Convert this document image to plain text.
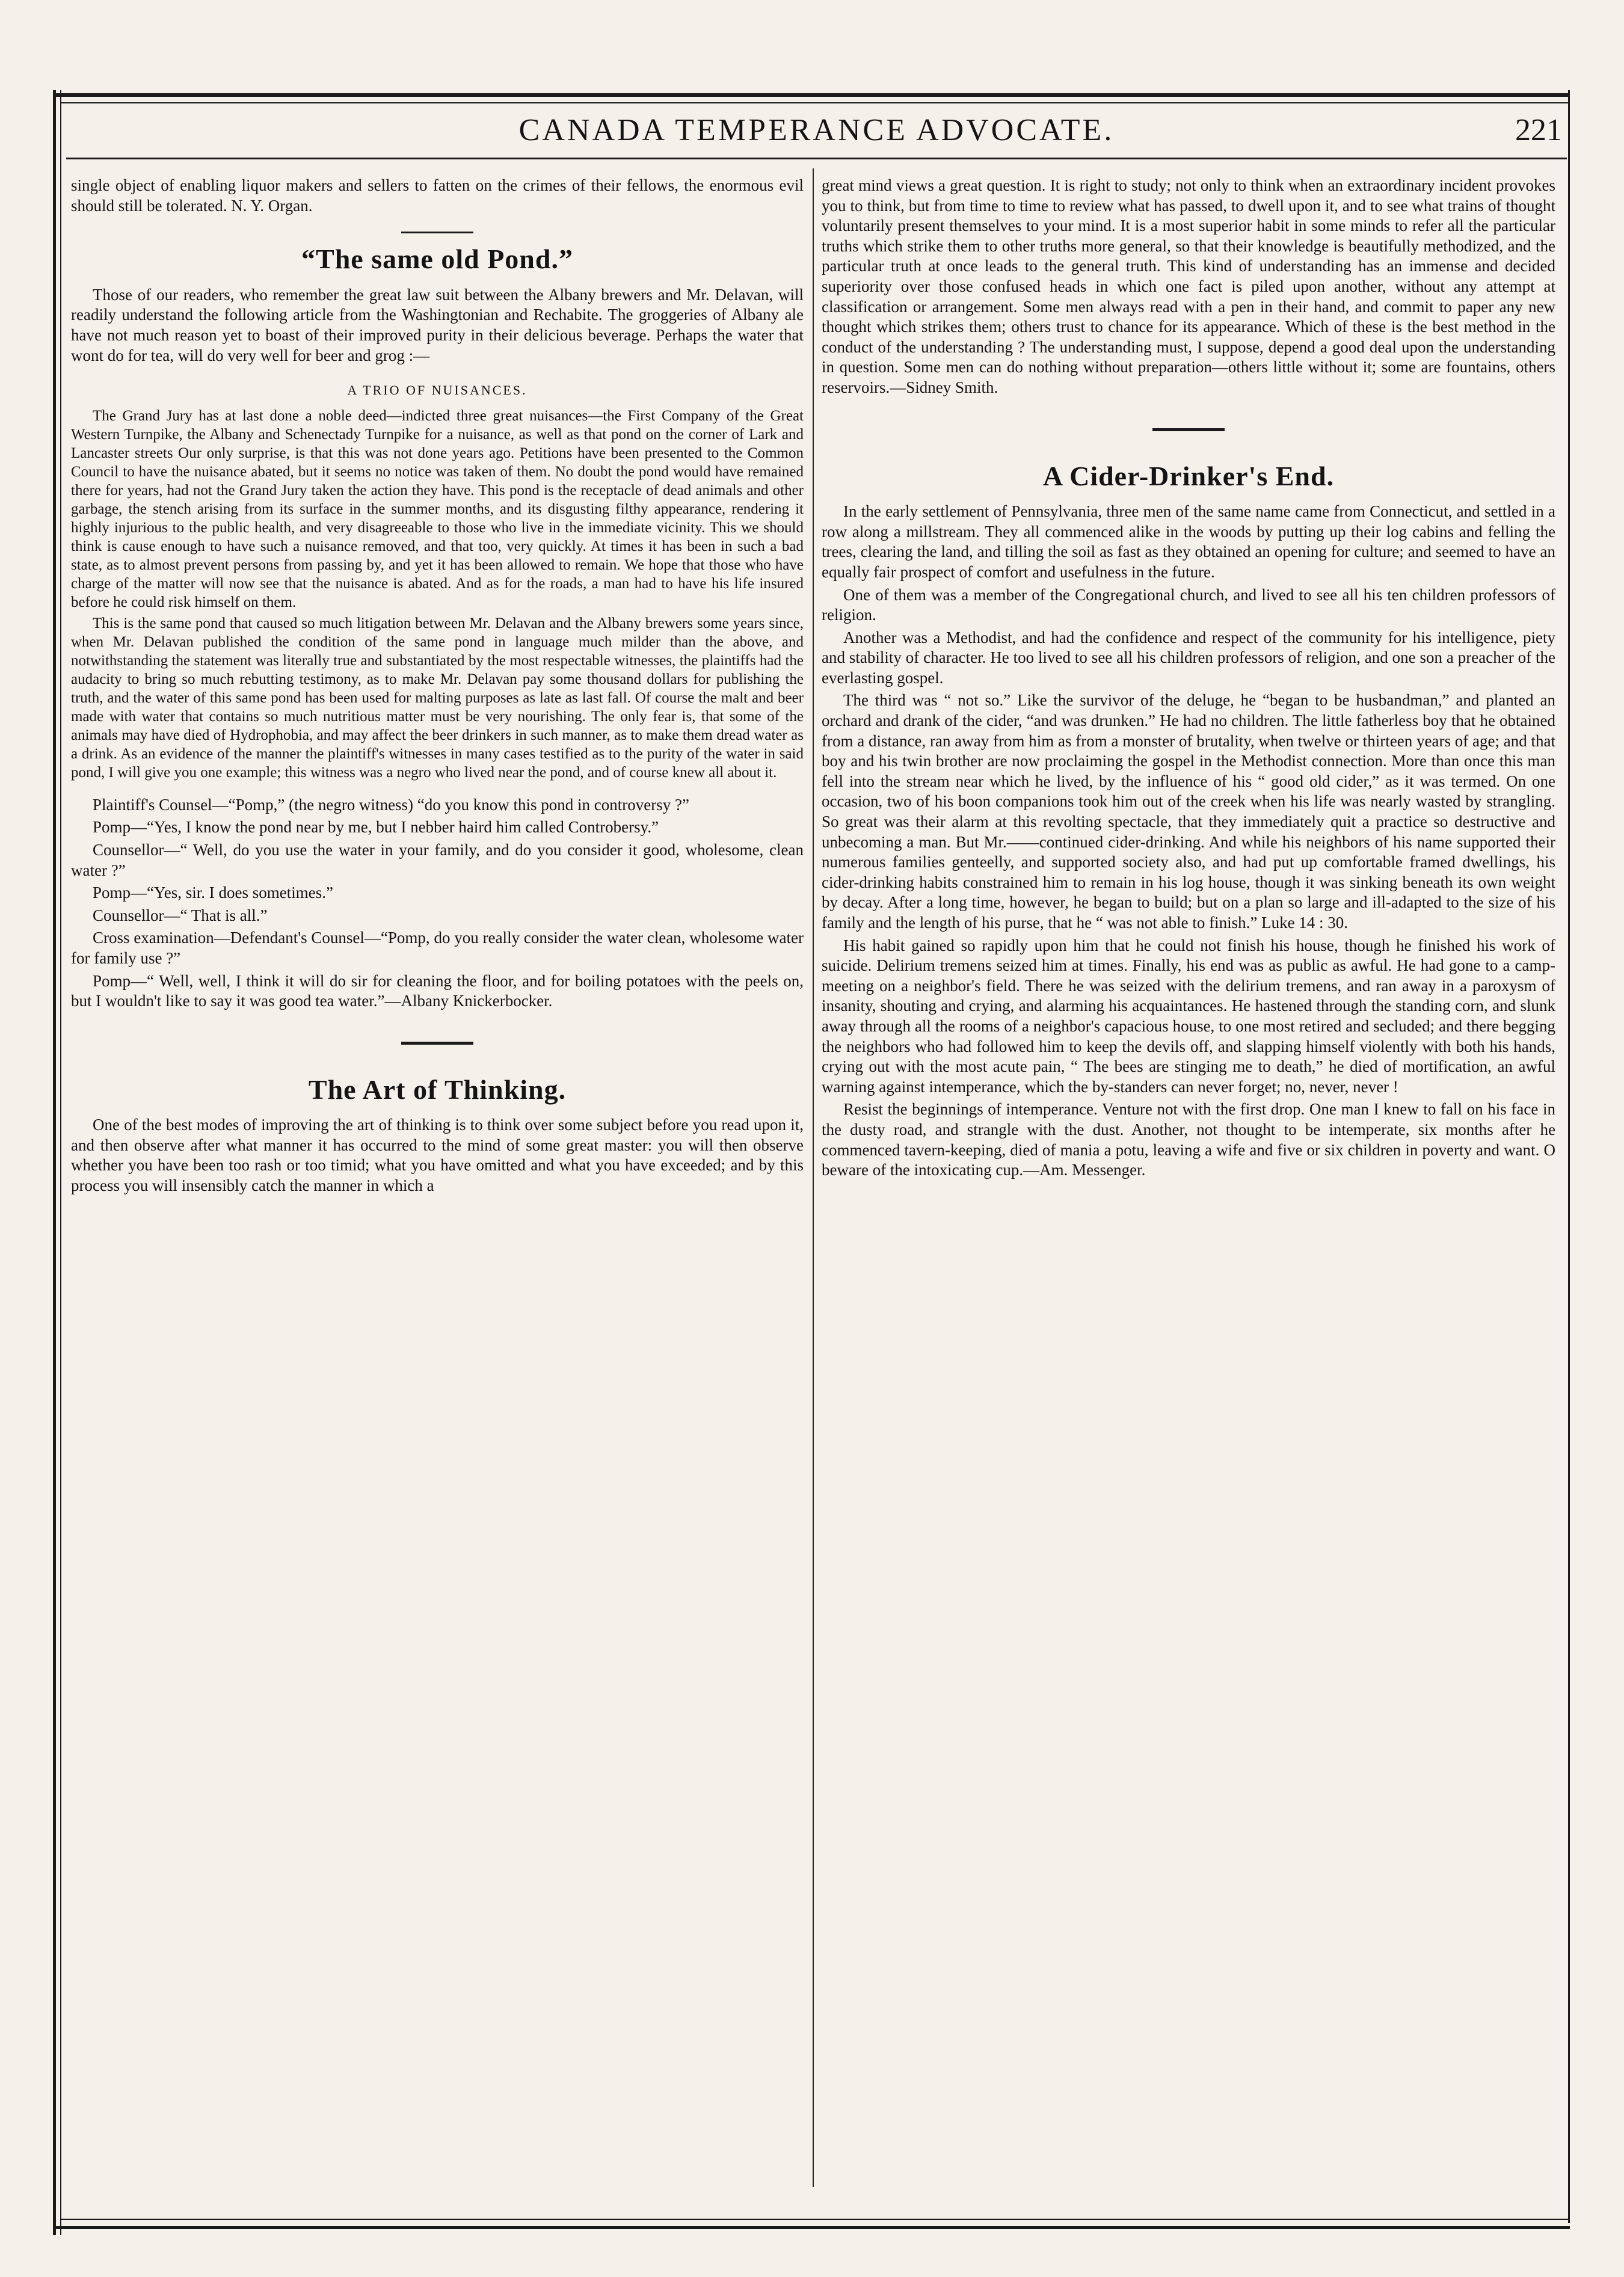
CANADA TEMPERANCE ADVOCATE.	221

single object of enabling liquor makers and sellers to fatten on the crimes of their fellows, the enormous evil should still be tolerated. N. Y. Organ.

“The same old Pond.”

Those of our readers, who remember the great law suit between the Albany brewers and Mr. Delavan, will readily understand the following article from the Washingtonian and Rechabite. The groggeries of Albany ale have not much reason yet to boast of their improved purity in their delicious beverage. Perhaps the water that wont do for tea, will do very well for beer and grog :—

A TRIO OF NUISANCES.

The Grand Jury has at last done a noble deed—indicted three great nuisances—the First Company of the Great Western Turnpike, the Albany and Schenectady Turnpike for a nuisance, as well as that pond on the corner of Lark and Lancaster streets Our only surprise, is that this was not done years ago. Petitions have been presented to the Common Council to have the nuisance abated, but it seems no notice was taken of them. No doubt the pond would have remained there for years, had not the Grand Jury taken the action they have. This pond is the receptacle of dead animals and other garbage, the stench arising from its surface in the summer months, and its disgusting filthy appearance, rendering it highly injurious to the public health, and very disagreeable to those who live in the immediate vicinity. This we should think is cause enough to have such a nuisance removed, and that too, very quickly. At times it has been in such a bad state, as to almost prevent persons from passing by, and yet it has been allowed to remain. We hope that those who have charge of the matter will now see that the nuisance is abated. And as for the roads, a man had to have his life insured before he could risk himself on them.

This is the same pond that caused so much litigation between Mr. Delavan and the Albany brewers some years since, when Mr. Delavan published the condition of the same pond in language much milder than the above, and notwithstanding the statement was literally true and substantiated by the most respectable witnesses, the plaintiffs had the audacity to bring so much rebutting testimony, as to make Mr. Delavan pay some thousand dollars for publishing the truth, and the water of this same pond has been used for malting purposes as late as last fall. Of course the malt and beer made with water that contains so much nutritious matter must be very nourishing. The only fear is, that some of the animals may have died of Hydrophobia, and may affect the beer drinkers in such manner, as to make them dread water as a drink. As an evidence of the manner the plaintiff's witnesses in many cases testified as to the purity of the water in said pond, I will give you one example; this witness was a negro who lived near the pond, and of course knew all about it.

Plaintiff's Counsel—“Pomp,” (the negro witness) “do you know this pond in controversy ?”

Pomp—“Yes, I know the pond near by me, but I nebber haird him called Controbersy.”

Counsellor—“ Well, do you use the water in your family, and do you consider it good, wholesome, clean water ?”

Pomp—“Yes, sir. I does sometimes.”

Counsellor—“ That is all.”

Cross examination—Defendant's Counsel—“Pomp, do you really consider the water clean, wholesome water for family use ?”

Pomp—“ Well, well, I think it will do sir for cleaning the floor, and for boiling potatoes with the peels on, but I wouldn't like to say it was good tea water.”—Albany Knickerbocker.

The Art of Thinking.

One of the best modes of improving the art of thinking is to think over some subject before you read upon it, and then observe after what manner it has occurred to the mind of some great master: you will then observe whether you have been too rash or too timid; what you have omitted and what you have exceeded; and by this process you will insensibly catch the manner in which a

great mind views a great question. It is right to study; not only to think when an extraordinary incident provokes you to think, but from time to time to review what has passed, to dwell upon it, and to see what trains of thought voluntarily present themselves to your mind. It is a most superior habit in some minds to refer all the particular truths which strike them to other truths more general, so that their knowledge is beautifully methodized, and the particular truth at once leads to the general truth. This kind of understanding has an immense and decided superiority over those confused heads in which one fact is piled upon another, without any attempt at classification or arrangement. Some men always read with a pen in their hand, and commit to paper any new thought which strikes them; others trust to chance for its appearance. Which of these is the best method in the conduct of the understanding ? The understanding must, I suppose, depend a good deal upon the understanding in question. Some men can do nothing without preparation—others little without it; some are fountains, others reservoirs.—Sidney Smith.

A Cider-Drinker's End.

In the early settlement of Pennsylvania, three men of the same name came from Connecticut, and settled in a row along a millstream. They all commenced alike in the woods by putting up their log cabins and felling the trees, clearing the land, and tilling the soil as fast as they obtained an opening for culture; and seemed to have an equally fair prospect of comfort and usefulness in the future.

One of them was a member of the Congregational church, and lived to see all his ten children professors of religion.

Another was a Methodist, and had the confidence and respect of the community for his intelligence, piety and stability of character. He too lived to see all his children professors of religion, and one son a preacher of the everlasting gospel.

The third was “ not so.” Like the survivor of the deluge, he “began to be husbandman,” and planted an orchard and drank of the cider, “and was drunken.” He had no children. The little fatherless boy that he obtained from a distance, ran away from him as from a monster of brutality, when twelve or thirteen years of age; and that boy and his twin brother are now proclaiming the gospel in the Methodist connection. More than once this man fell into the stream near which he lived, by the influence of his “ good old cider,” as it was termed. On one occasion, two of his boon companions took him out of the creek when his life was nearly wasted by strangling. So great was their alarm at this revolting spectacle, that they immediately quit a practice so destructive and unbecoming a man. But Mr.——continued cider-drinking. And while his neighbors of his name supported their numerous families genteelly, and supported society also, and had put up comfortable framed dwellings, his cider-drinking habits constrained him to remain in his log house, though it was sinking beneath its own weight by decay. After a long time, however, he began to build; but on a plan so large and ill-adapted to the size of his family and the length of his purse, that he “ was not able to finish.” Luke 14 : 30.

His habit gained so rapidly upon him that he could not finish his house, though he finished his work of suicide. Delirium tremens seized him at times. Finally, his end was as public as awful. He had gone to a camp-meeting on a neighbor's field. There he was seized with the delirium tremens, and ran away in a paroxysm of insanity, shouting and crying, and alarming his acquaintances. He hastened through the standing corn, and slunk away through all the rooms of a neighbor's capacious house, to one most retired and secluded; and there begging the neighbors who had followed him to keep the devils off, and slapping himself violently with both his hands, crying out with the most acute pain, “ The bees are stinging me to death,” he died of mortification, an awful warning against intemperance, which the by-standers can never forget; no, never, never !

Resist the beginnings of intemperance. Venture not with the first drop. One man I knew to fall on his face in the dusty road, and strangle with the dust. Another, not thought to be intemperate, six months after he commenced tavern-keeping, died of mania a potu, leaving a wife and five or six children in poverty and want. O beware of the intoxicating cup.—Am. Messenger.
